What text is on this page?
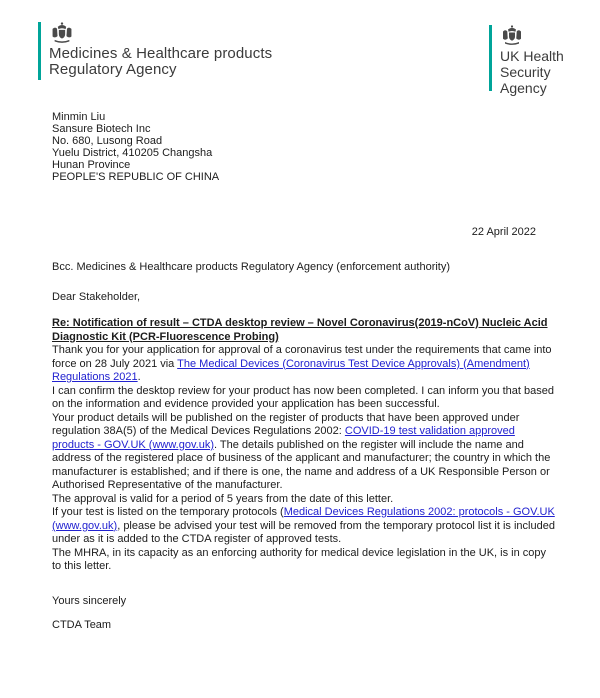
Medicines & Healthcare products
Regulatory Agency
UK Health
Security
Agency
Minmin Liu
Sansure Biotech Inc
No. 680, Lusong Road
Yuelu District, 410205 Changsha
Hunan Province
PEOPLE'S REPUBLIC OF CHINA
22 April 2022
Bcc. Medicines & Healthcare products Regulatory Agency (enforcement authority)
Dear Stakeholder,
Re: Notification of result – CTDA desktop review – Novel Coronavirus(2019-nCoV) Nucleic Acid Diagnostic Kit (PCR-Fluorescence Probing)

Thank you for your application for approval of a coronavirus test under the requirements that came into force on 28 July 2021 via The Medical Devices (Coronavirus Test Device Approvals) (Amendment) Regulations 2021.

I can confirm the desktop review for your product has now been completed. I can inform you that based on the information and evidence provided your application has been successful.

Your product details will be published on the register of products that have been approved under regulation 38A(5) of the Medical Devices Regulations 2002: COVID-19 test validation approved products - GOV.UK (www.gov.uk). The details published on the register will include the name and address of the registered place of business of the applicant and manufacturer; the country in which the manufacturer is established; and if there is one, the name and address of a UK Responsible Person or Authorised Representative of the manufacturer.

The approval is valid for a period of 5 years from the date of this letter.

If your test is listed on the temporary protocols (Medical Devices Regulations 2002: protocols - GOV.UK (www.gov.uk), please be advised your test will be removed from the temporary protocol list it is included under as it is added to the CTDA register of approved tests.

The MHRA, in its capacity as an enforcing authority for medical device legislation in the UK, is in copy to this letter.

Yours sincerely
CTDA Team
